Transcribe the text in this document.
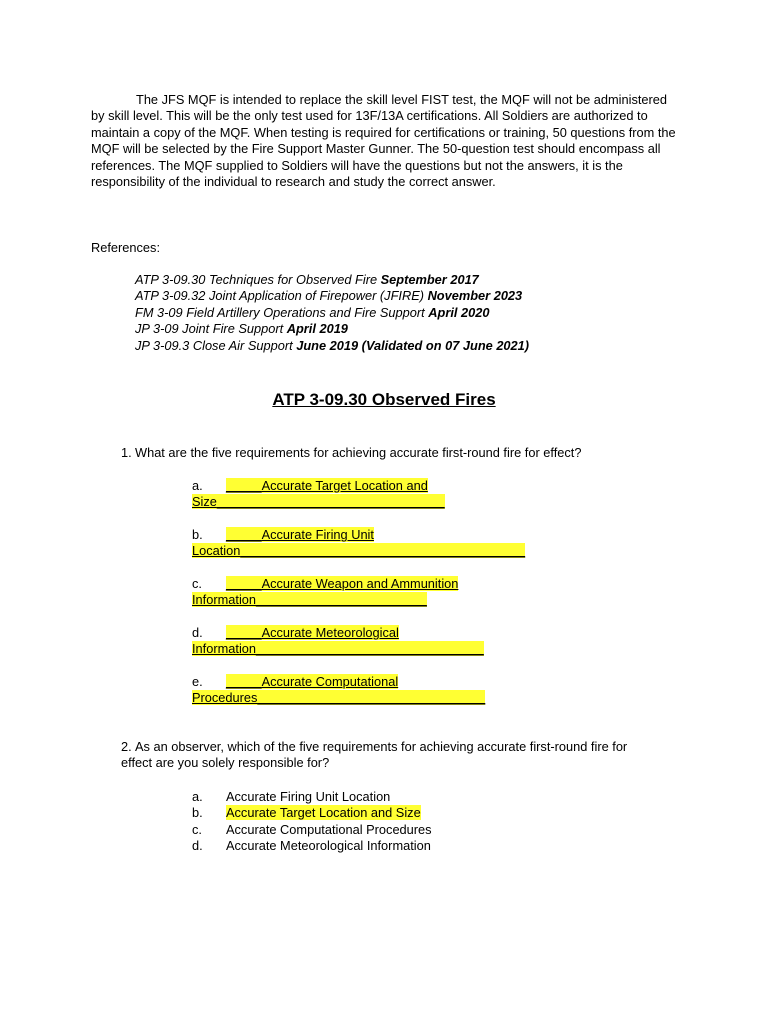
The JFS MQF is intended to replace the skill level FIST test, the MQF will not be administered by skill level. This will be the only test used for 13F/13A certifications. All Soldiers are authorized to maintain a copy of the MQF. When testing is required for certifications or training, 50 questions from the MQF will be selected by the Fire Support Master Gunner. The 50-question test should encompass all references. The MQF supplied to Soldiers will have the questions but not the answers, it is the responsibility of the individual to research and study the correct answer.

References:

ATP 3-09.30 Techniques for Observed Fire September 2017
ATP 3-09.32 Joint Application of Firepower (JFIRE) November 2023
FM 3-09 Field Artillery Operations and Fire Support April 2020
JP 3-09 Joint Fire Support April 2019
JP 3-09.3 Close Air Support June 2019 (Validated on 07 June 2021)
ATP 3-09.30 Observed Fires

1. What are the five requirements for achieving accurate first-round fire for effect?

a. _____Accurate Target Location and
Size________________________________
b. _____Accurate Firing Unit
Location________________________________________
c. _____Accurate Weapon and Ammunition
Information________________________
d. _____Accurate Meteorological
Information________________________________
e. _____Accurate Computational
Procedures________________________________

2. As an observer, which of the five requirements for achieving accurate first-round fire for
effect are you solely responsible for?

a. Accurate Firing Unit Location
b. Accurate Target Location and Size
c. Accurate Computational Procedures
d. Accurate Meteorological Information
